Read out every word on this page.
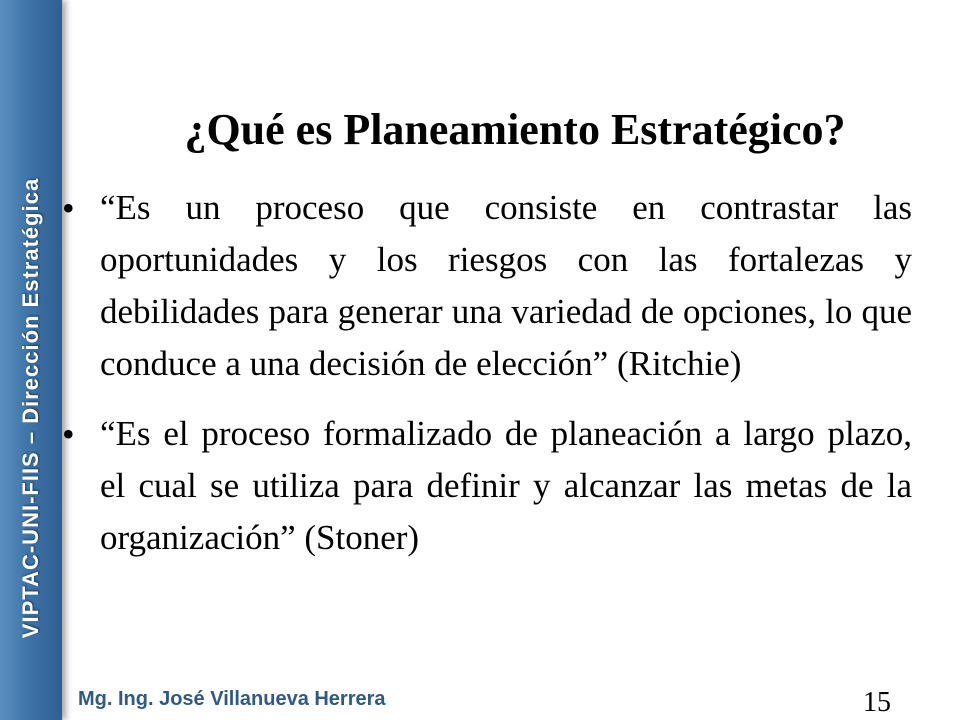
VIPTAC-UNI-FIIS – Dirección Estratégica
¿Qué es Planeamiento Estratégico?
• “Es un proceso que consiste en contrastar las oportunidades y los riesgos con las fortalezas y debilidades para generar una variedad de opciones, lo que conduce a una decisión de elección” (Ritchie)
• “Es el proceso formalizado de planeación a largo plazo, el cual se utiliza para definir y alcanzar las metas de la organización” (Stoner)
Mg. Ing. José Villanueva Herrera	15
